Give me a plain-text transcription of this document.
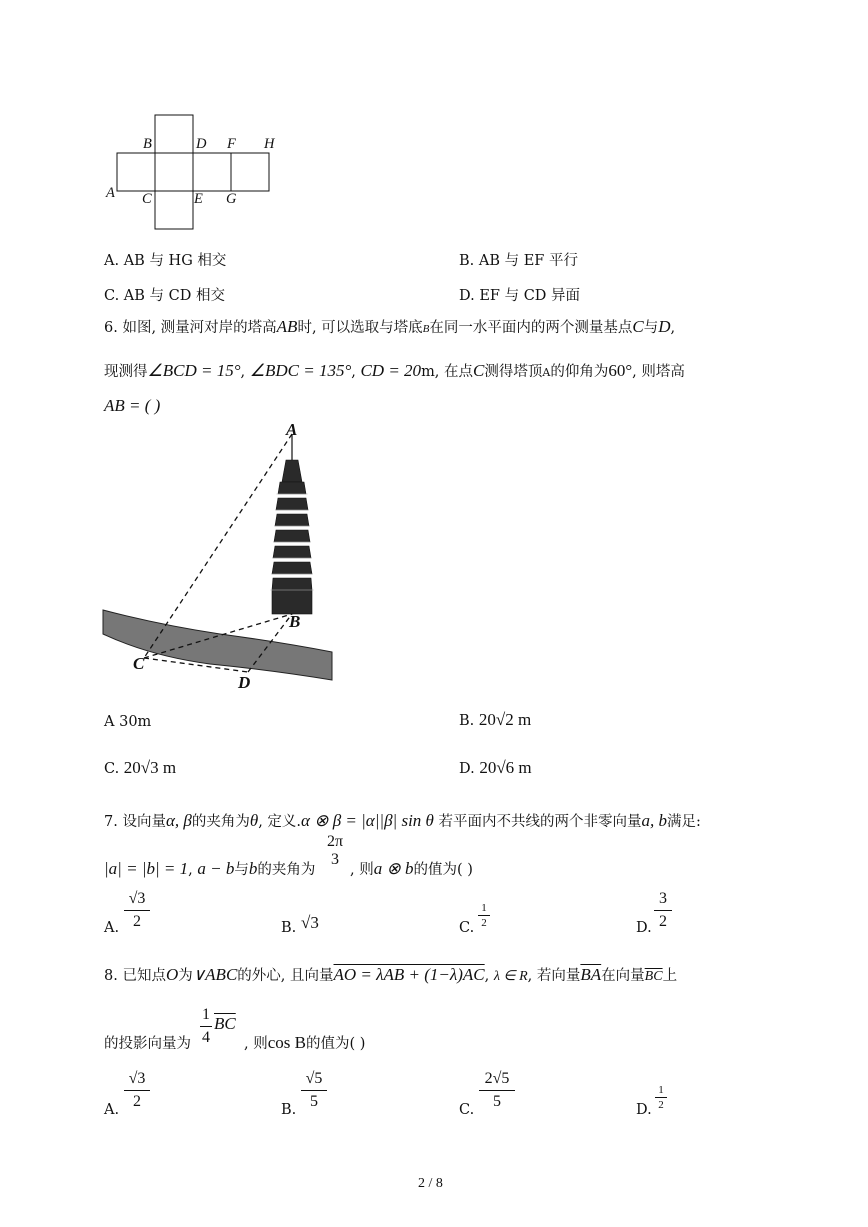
B	D F H
A C	E G
A. AB 与 HG 相交	B. AB 与 EF 平行
C. AB 与 CD 相交	D. EF 与 CD 异面
6. 如图, 测量河对岸的塔高AB时, 可以选取与塔底B在同一水平面内的两个测量基点C与D,
现测得∠BCD = 15°, ∠BDC = 135°, CD = 20m, 在点C测得塔顶A的仰角为60°, 则塔高
AB = ( )
A
B
C
D
A 30m	B. 20√2 m
C. 20√3 m	D. 20√6 m
7. 设向量α, β的夹角为θ, 定义.α ⊗ β = |α||β| sin θ 若平面内不共线的两个非零向量a, b满足:
|a| = |b| = 1, a − b与b的夹角为
2π
3
, 则a ⊗ b的值为( )
A.
√3
2	B. √3	C.
1
2	D.
3
2
8. 已知点O为∨ABC的外心, 且向量AO = λAB + (1−λ)AC, λ ∈ R, 若向量$\overline{BA}$在向量$\overline{BC}$上
的投影向量为
1
4
$\overline{BC}$
, 则cos B的值为( )
A.
√3
2	B.
√5
5	C.
2√5
5	D.
1
2
2 / 8
